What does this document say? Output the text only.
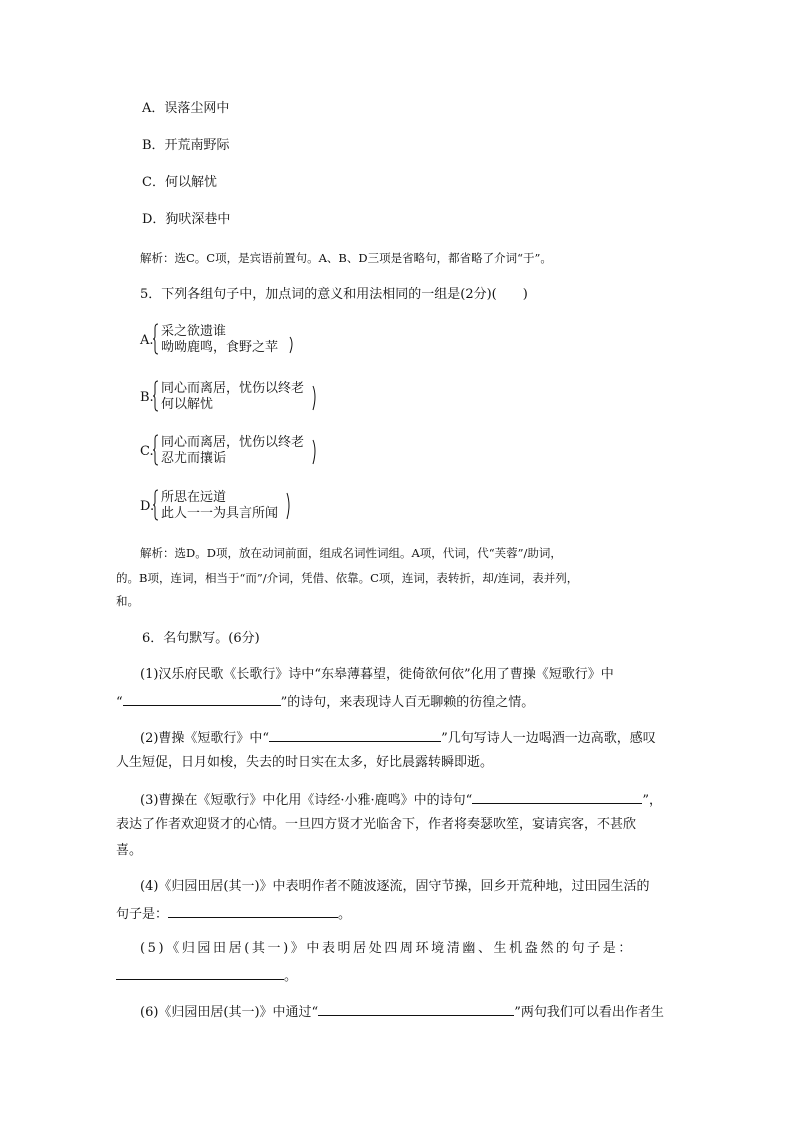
A．误落尘网中
B．开荒南野际
C．何以解忧
D．狗吠深巷中
解析：选C。C项，是宾语前置句。A、B、D三项是省略句，都省略了介词“于”。
5．下列各组句子中，加点词的意义和用法相同的一组是(2分)(　　)
A.
采之欲遗谁
呦呦鹿鸣，食野之苹
B.
同心而离居，忧伤以终老
何以解忧
C.
同心而离居，忧伤以终老
忍尤而攘诟
D.
所思在远道
此人一一为具言所闻
解析：选D。D项，放在动词前面，组成名词性词组。A项，代词，代“芙蓉”/助词，
的。B项，连词，相当于“而”/介词，凭借、依靠。C项，连词，表转折，却/连词，表并列，
和。
6．名句默写。(6分)
(1)汉乐府民歌《长歌行》诗中“东皋薄暮望，徙倚欲何依”化用了曹操《短歌行》中
“	”的诗句，来表现诗人百无聊赖的彷徨之情。
(2)曹操《短歌行》中“	”几句写诗人一边喝酒一边高歌，感叹
人生短促，日月如梭，失去的时日实在太多，好比晨露转瞬即逝。
(3)曹操在《短歌行》中化用《诗经·小雅·鹿鸣》中的诗句“	”，
表达了作者欢迎贤才的心情。一旦四方贤才光临舍下，作者将奏瑟吹笙，宴请宾客，不甚欣
喜。
(4)《归园田居(其一)》中表明作者不随波逐流，固守节操，回乡开荒种地，过田园生活的
句子是：	。
(5)《归园田居(其一)》中表明居处四周环境清幽、生机盎然的句子是：
。
(6)《归园田居(其一)》中通过“	”两句我们可以看出作者生
